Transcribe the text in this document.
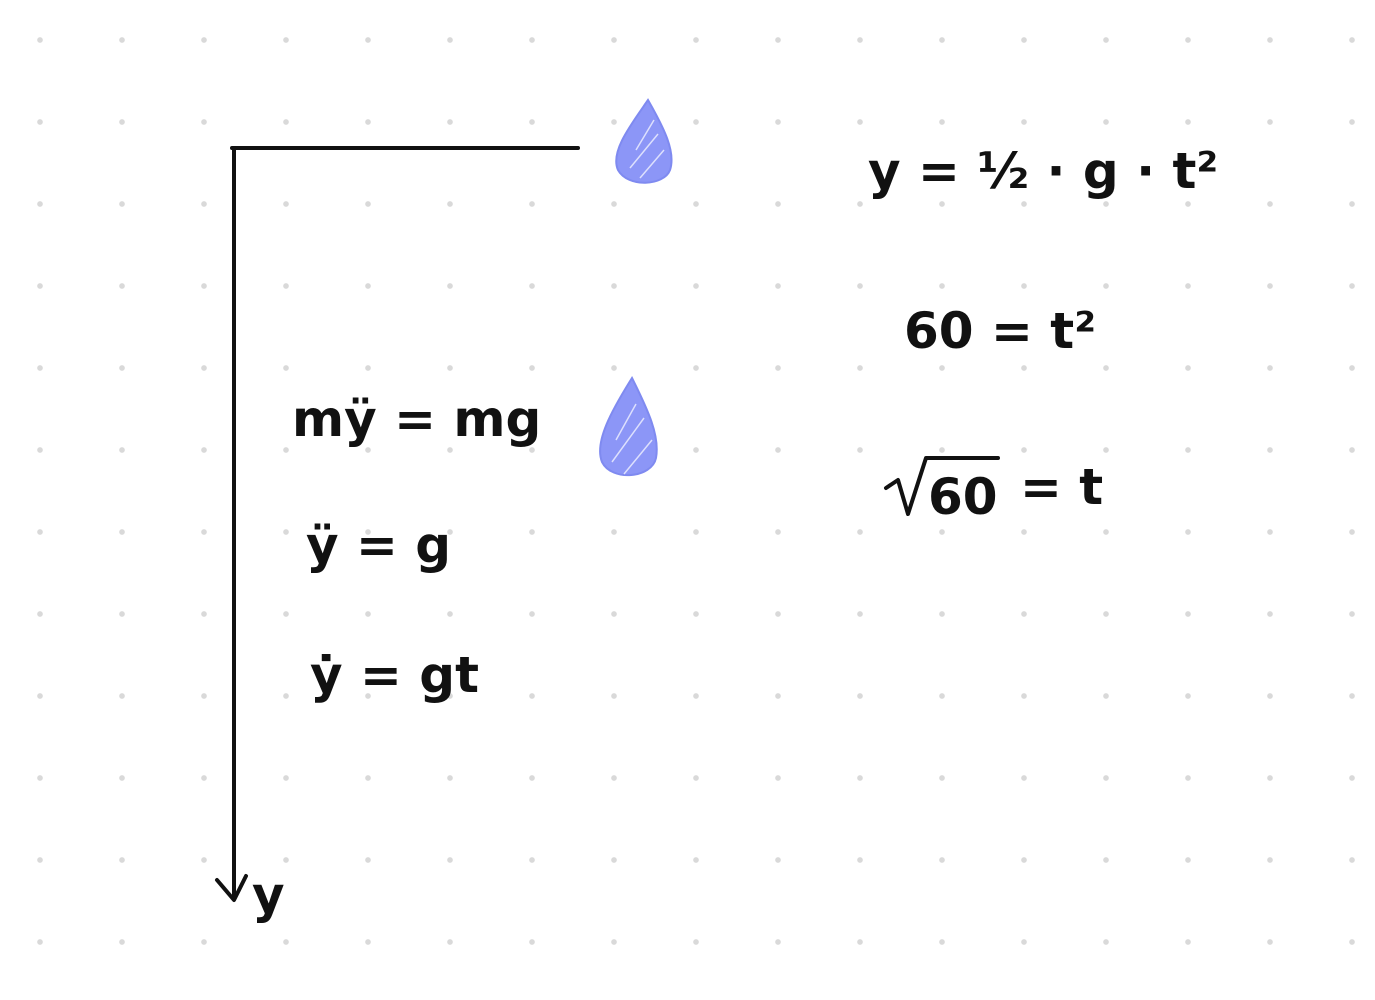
y
mÿ = mg
ÿ = g
ẏ = gt
y = ½ · g · t²
60 = t²
60 = t
